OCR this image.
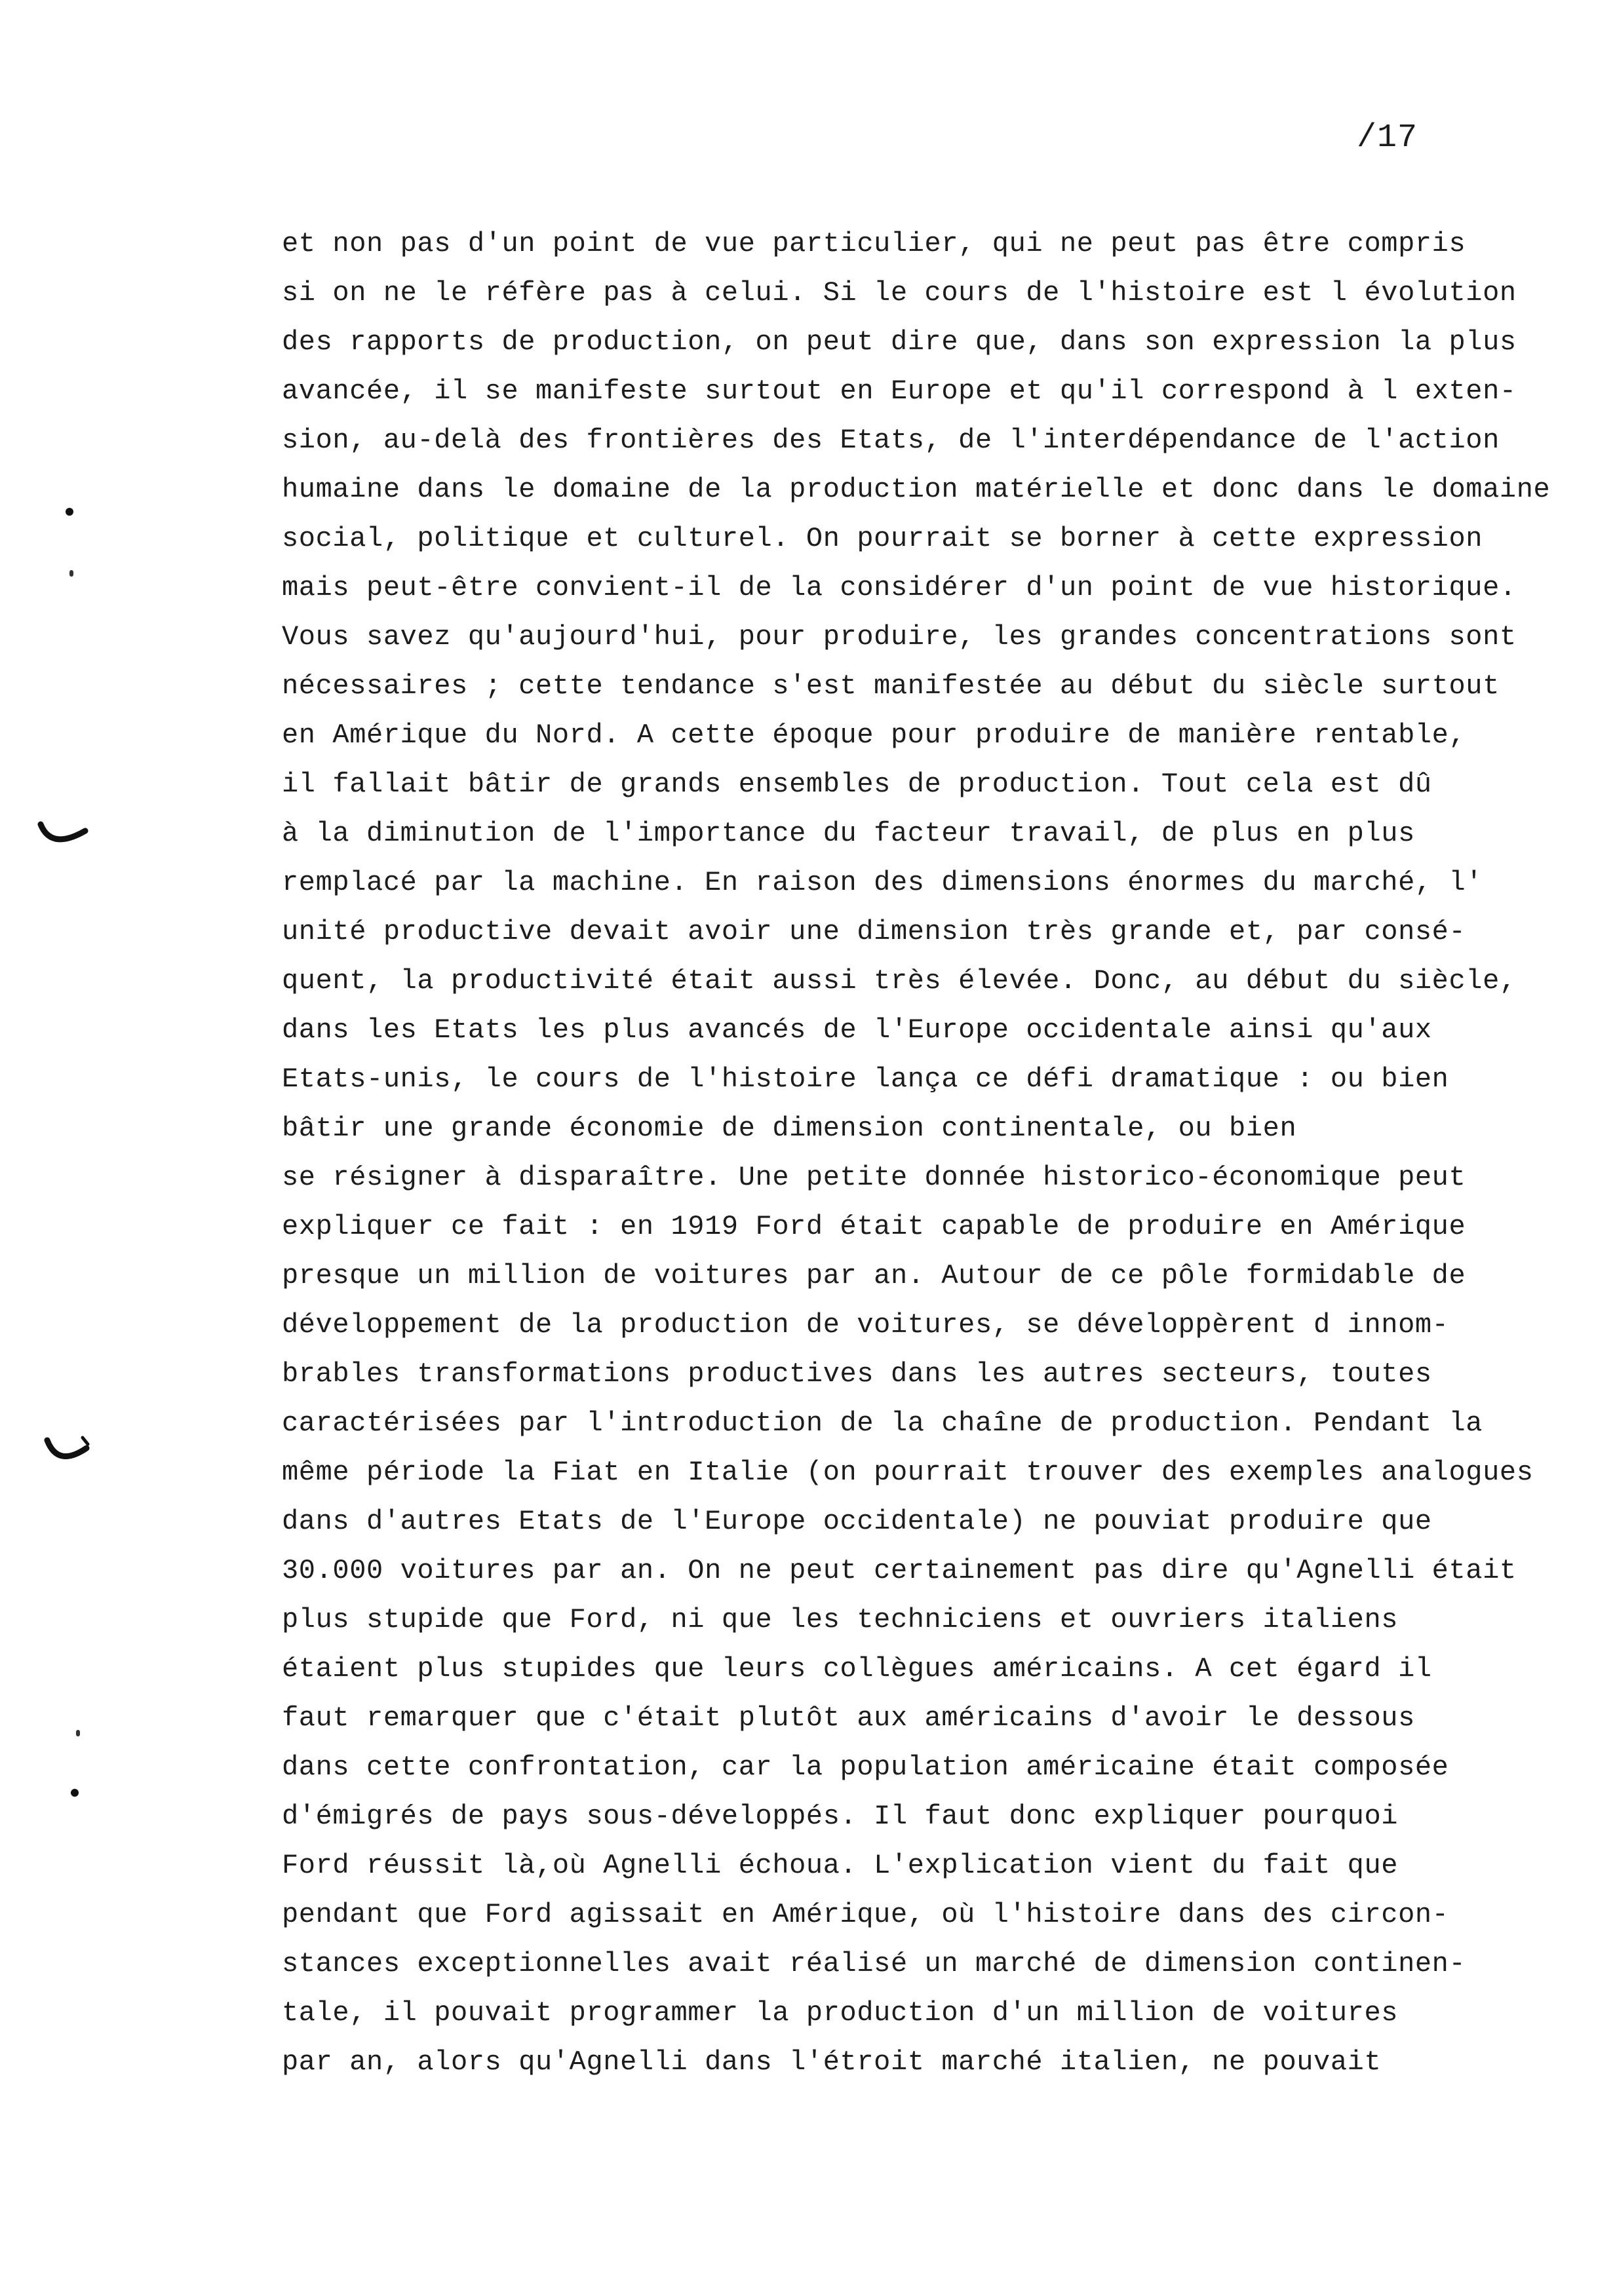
/17
et non pas d'un point de vue particulier, qui ne peut pas être compris
si on ne le réfère pas à celui. Si le cours de l'histoire est l évolution
des rapports de production, on peut dire que, dans son expression la plus
avancée, il se manifeste surtout en Europe et qu'il correspond à l exten-
sion, au-delà des frontières des Etats, de l'interdépendance de l'action
humaine dans le domaine de la production matérielle et donc dans le domaine
social, politique et culturel. On pourrait se borner à cette expression
mais peut-être convient-il de la considérer d'un point de vue historique.
Vous savez qu'aujourd'hui, pour produire, les grandes concentrations sont
nécessaires ; cette tendance s'est manifestée au début du siècle surtout
en Amérique du Nord. A cette époque pour produire de manière rentable,
il fallait bâtir de grands ensembles de production. Tout cela est dû
à la diminution de l'importance du facteur travail, de plus en plus
remplacé par la machine. En raison des dimensions énormes du marché, l'
unité productive devait avoir une dimension très grande et, par consé-
quent, la productivité était aussi très élevée. Donc, au début du siècle,
dans les Etats les plus avancés de l'Europe occidentale ainsi qu'aux
Etats-unis, le cours de l'histoire lança ce défi dramatique : ou bien
bâtir une grande économie de dimension continentale, ou bien
se résigner à disparaître. Une petite donnée historico-économique peut
expliquer ce fait : en 1919 Ford était capable de produire en Amérique
presque un million de voitures par an. Autour de ce pôle formidable de
développement de la production de voitures, se développèrent d innom-
brables transformations productives dans les autres secteurs, toutes
caractérisées par l'introduction de la chaîne de production. Pendant la
même période la Fiat en Italie (on pourrait trouver des exemples analogues
dans d'autres Etats de l'Europe occidentale) ne pouviat produire que
30.000 voitures par an. On ne peut certainement pas dire qu'Agnelli était
plus stupide que Ford, ni que les techniciens et ouvriers italiens
étaient plus stupides que leurs collègues américains. A cet égard il
faut remarquer que c'était plutôt aux américains d'avoir le dessous
dans cette confrontation, car la population américaine était composée
d'émigrés de pays sous-développés. Il faut donc expliquer pourquoi
Ford réussit là,où Agnelli échoua. L'explication vient du fait que
pendant que Ford agissait en Amérique, où l'histoire dans des circon-
stances exceptionnelles avait réalisé un marché de dimension continen-
tale, il pouvait programmer la production d'un million de voitures
par an, alors qu'Agnelli dans l'étroit marché italien, ne pouvait
